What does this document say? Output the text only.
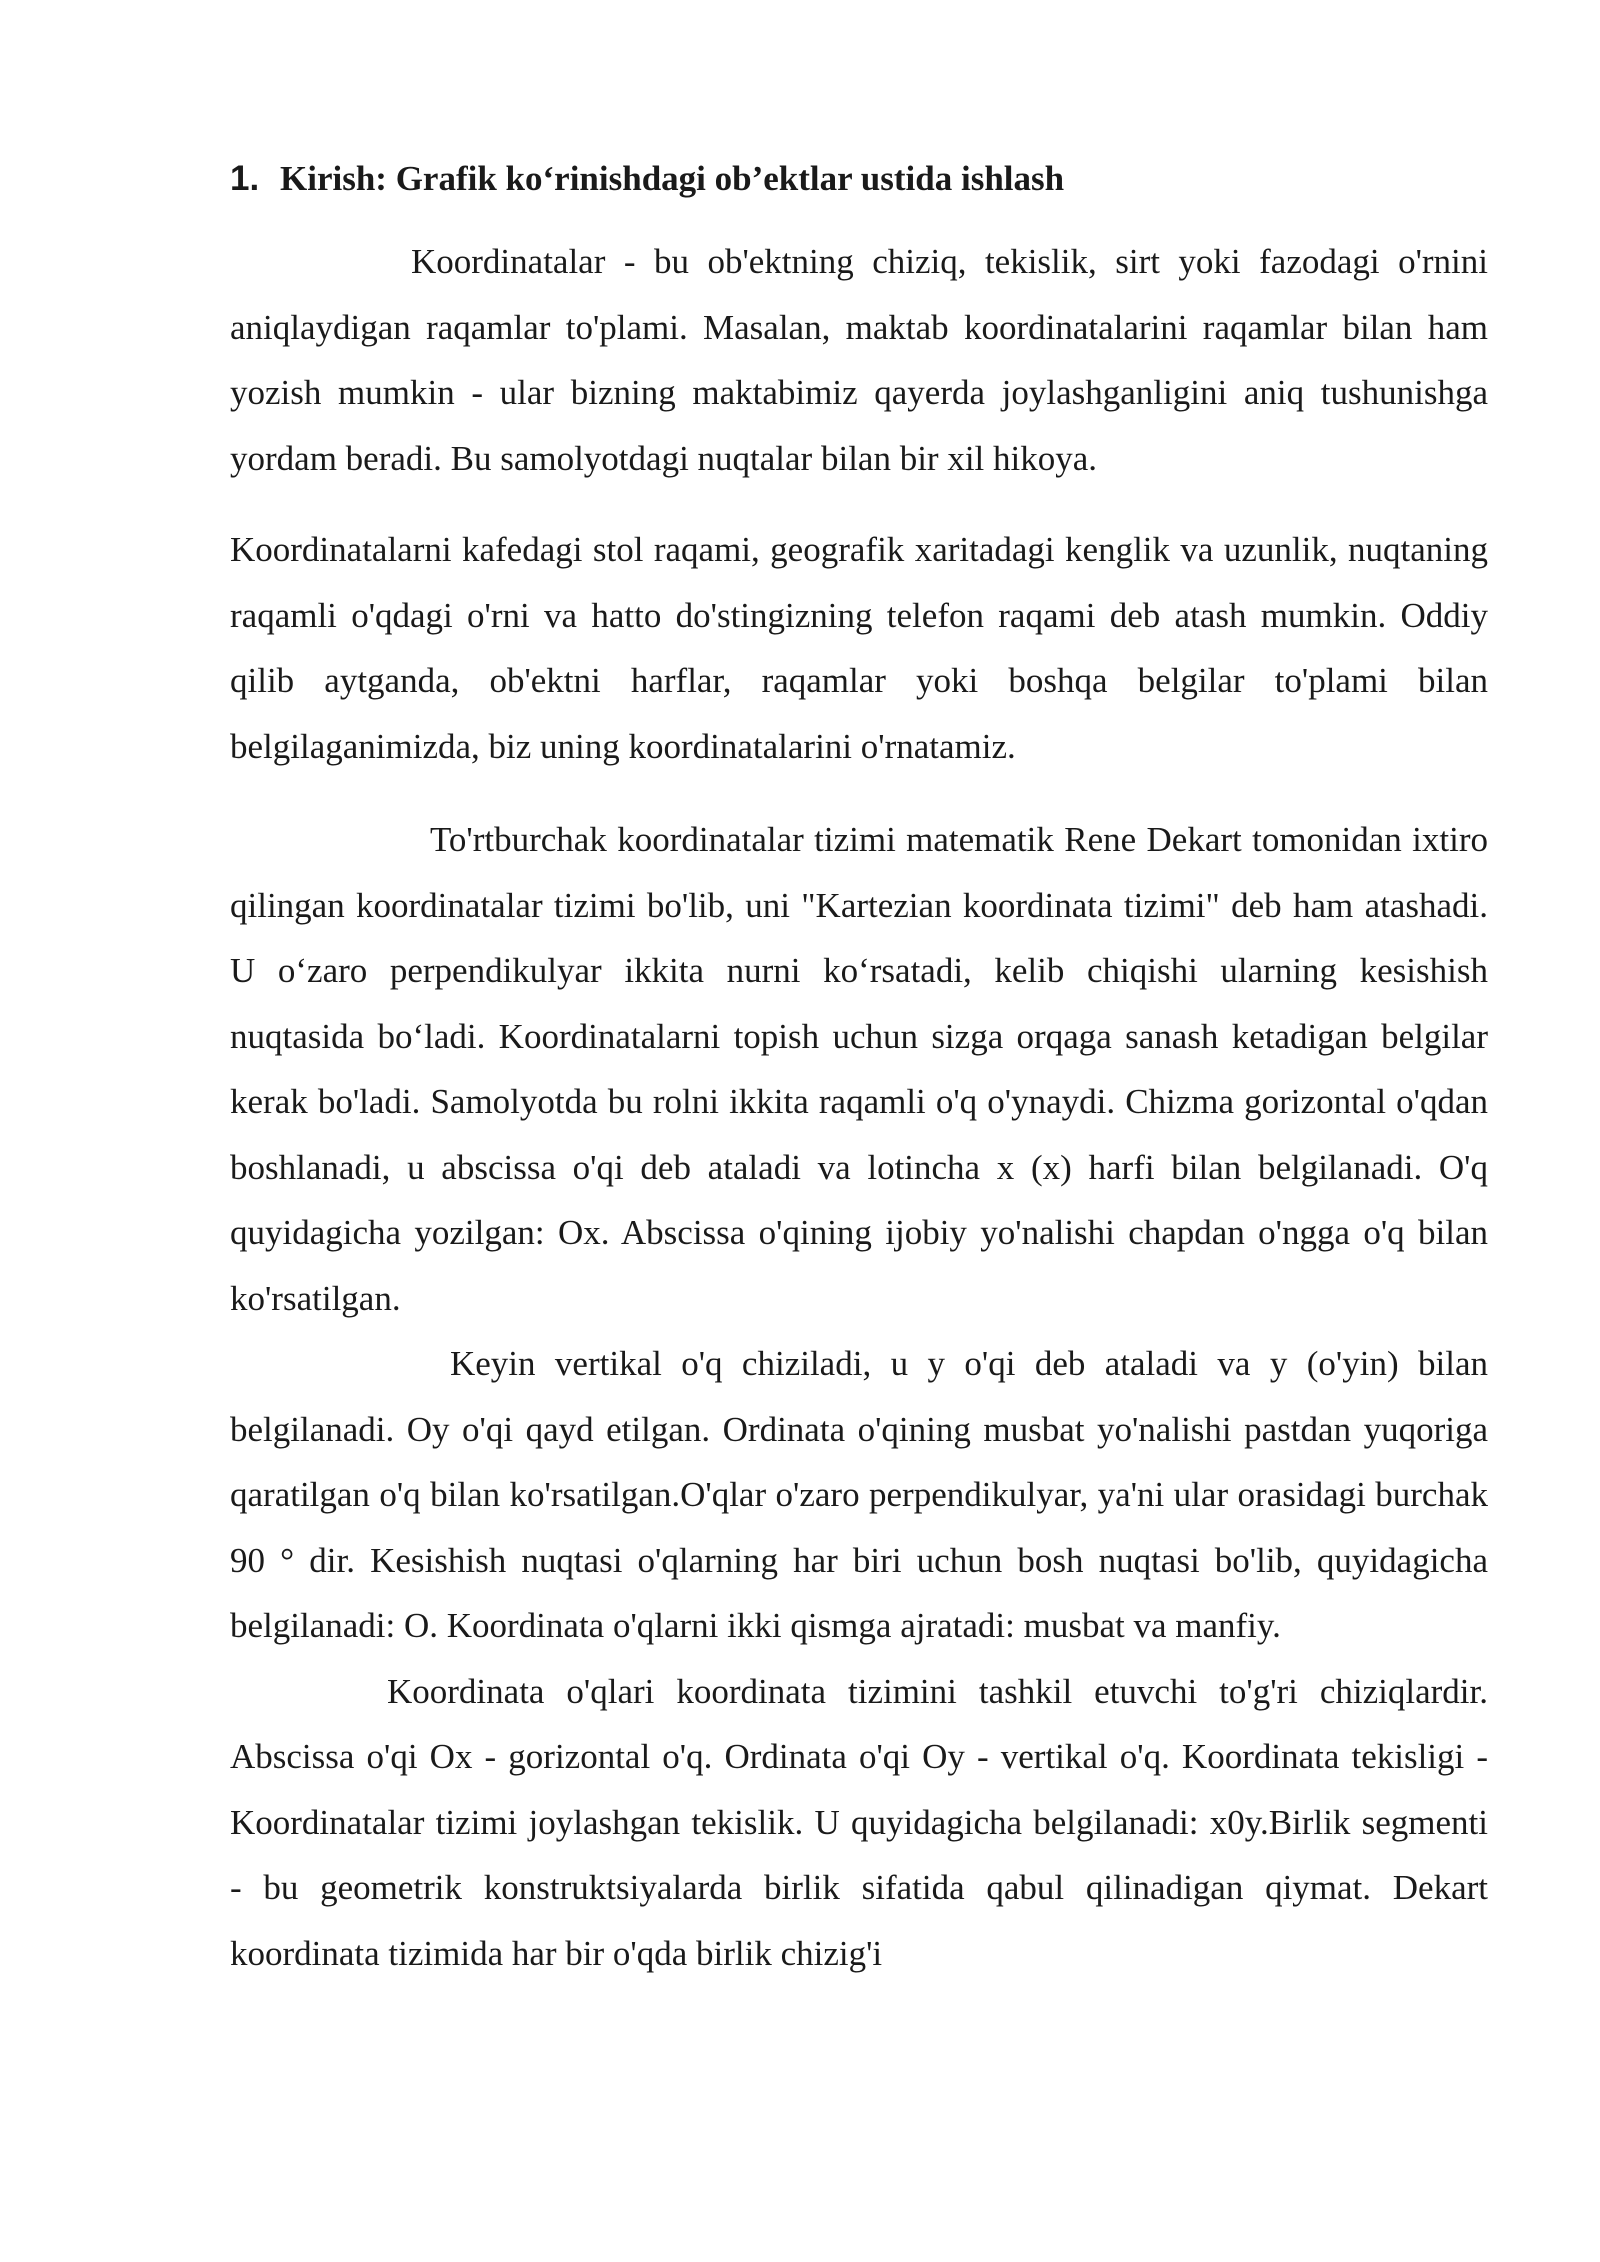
1. Kirish: Grafik ko‘rinishdagi ob’ektlar ustida ishlash

Koordinatalar - bu ob'ektning chiziq, tekislik, sirt yoki fazodagi o'rnini aniqlaydigan raqamlar to'plami. Masalan, maktab koordinatalarini raqamlar bilan ham yozish mumkin - ular bizning maktabimiz qayerda joylashganligini aniq tushunishga yordam beradi. Bu samolyotdagi nuqtalar bilan bir xil hikoya.

Koordinatalarni kafedagi stol raqami, geografik xaritadagi kenglik va uzunlik, nuqtaning raqamli o'qdagi o'rni va hatto do'stingizning telefon raqami deb atash mumkin. Oddiy qilib aytganda, ob'ektni harflar, raqamlar yoki boshqa belgilar to'plami bilan belgilaganimizda, biz uning koordinatalarini o'rnatamiz.

To'rtburchak koordinatalar tizimi matematik Rene Dekart tomonidan ixtiro qilingan koordinatalar tizimi bo'lib, uni "Kartezian koordinata tizimi" deb ham atashadi. U o‘zaro perpendikulyar ikkita nurni ko‘rsatadi, kelib chiqishi ularning kesishish nuqtasida bo‘ladi. Koordinatalarni topish uchun sizga orqaga sanash ketadigan belgilar kerak bo'ladi. Samolyotda bu rolni ikkita raqamli o'q o'ynaydi. Chizma gorizontal o'qdan boshlanadi, u abscissa o'qi deb ataladi va lotincha x (x) harfi bilan belgilanadi. O'q quyidagicha yozilgan: Ox. Abscissa o'qining ijobiy yo'nalishi chapdan o'ngga o'q bilan ko'rsatilgan.

Keyin vertikal o'q chiziladi, u y o'qi deb ataladi va y (o'yin) bilan belgilanadi. Oy o'qi qayd etilgan. Ordinata o'qining musbat yo'nalishi pastdan yuqoriga qaratilgan o'q bilan ko'rsatilgan.O'qlar o'zaro perpendikulyar, ya'ni ular orasidagi burchak 90 ° dir. Kesishish nuqtasi o'qlarning har biri uchun bosh nuqtasi bo'lib, quyidagicha belgilanadi: O. Koordinata o'qlarni ikki qismga ajratadi: musbat va manfiy.

Koordinata o'qlari koordinata tizimini tashkil etuvchi to'g'ri chiziqlardir. Abscissa o'qi Ox - gorizontal o'q. Ordinata o'qi Oy - vertikal o'q. Koordinata tekisligi - Koordinatalar tizimi joylashgan tekislik. U quyidagicha belgilanadi: x0y.Birlik segmenti - bu geometrik konstruktsiyalarda birlik sifatida qabul qilinadigan qiymat. Dekart koordinata tizimida har bir o'qda birlik chizig'i
